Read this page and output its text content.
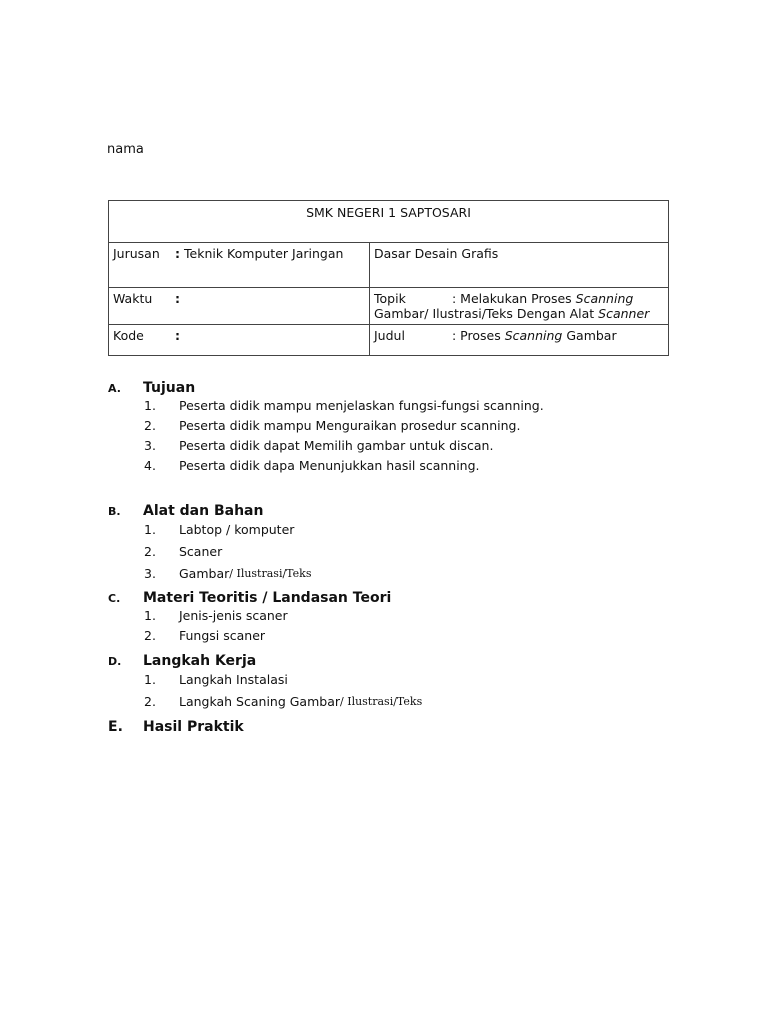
nama
SMK NEGERI 1 SAPTOSARI	
Jurusan : Teknik Komputer Jaringan	Dasar Desain Grafis
Waktu :	Topik : Melakukan Proses Scanning
Gambar/ Ilustrasi/Teks Dengan Alat Scanner
Kode :	Judul : Proses Scanning Gambar
A.	Tujuan
1.	Peserta didik mampu menjelaskan fungsi-fungsi scanning.
2.	Peserta didik mampu Menguraikan prosedur scanning.
3.	Peserta didik dapat Memilih gambar untuk discan.
4.	Peserta didik dapa Menunjukkan hasil scanning.
B.	Alat dan Bahan
1.	Labtop / komputer
2.	Scaner
3.	Gambar / Ilustrasi/Teks
C.	Materi Teoritis / Landasan Teori
1.	Jenis-jenis scaner
2.	Fungsi scaner
D.	Langkah Kerja
1.	Langkah Instalasi
2.	Langkah Scaning Gambar / Ilustrasi/Teks
E.	Hasil Praktik
